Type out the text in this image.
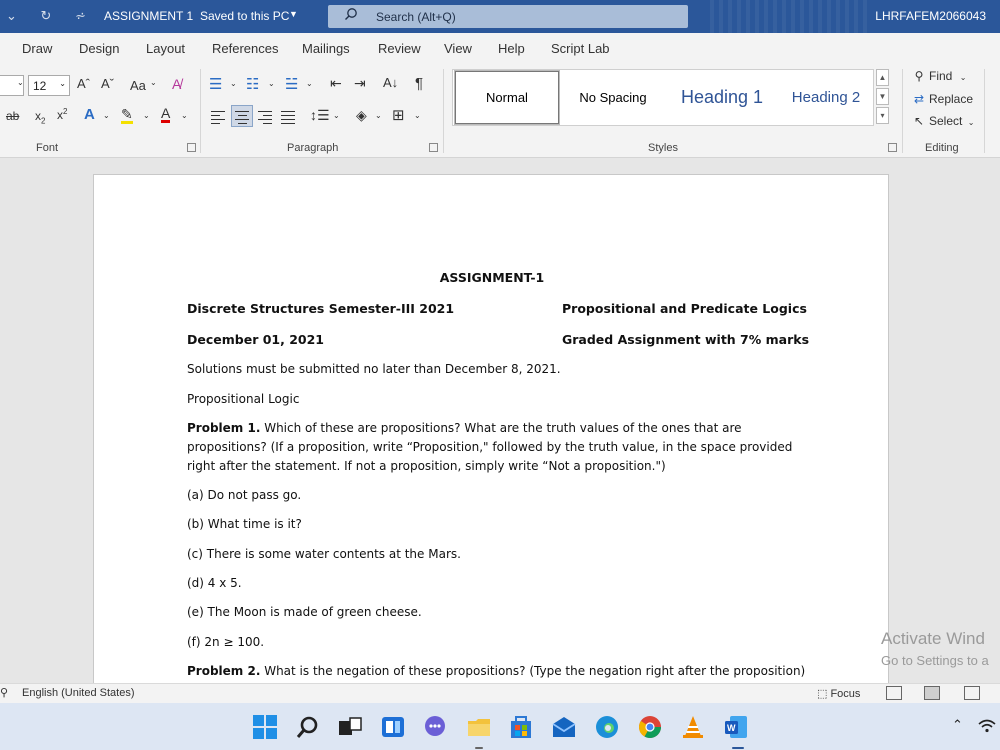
⌄ ↻ ⩫ ASSIGNMENT 1 Saved to this PC ▼	Search (Alt+Q)	LHRFAFEM2066043
Draw Design Layout References Mailings Review View Help Script Lab
⌄ 12 ⌄ Aˆ Aˇ Aa ⌄ A̸
ab $x_2$ $x^2$ A ⌄ ✎ ⌄ A ⌄
Font
☰ ⌄ ☷ ⌄ ☱ ⌄ ⇤ ⇥ A↓ ¶
↕☰ ⌄ ◈ ⌄ ⊞ ⌄
Paragraph	Styles	Editing
Normal	No Spacing	Heading 1	Heading 2
▲
▼
▾
⚲ Find ⌄
⇄ Replace
↖ Select ⌄
ASSIGNMENT-1
Discrete Structures Semester-III 2021	Propositional and Predicate Logics
December 01, 2021	Graded Assignment with 7% marks
Solutions must be submitted no later than December 8, 2021.
Propositional Logic
Problem 1. Which of these are propositions? What are the truth values of the ones that are
propositions? (If a proposition, write “Proposition," followed by the truth value, in the space provided
right after the statement. If not a proposition, simply write “Not a proposition.")
(a) Do not pass go.
(b) What time is it?
(c) There is some water contents at the Mars.
(d) 4 x 5.
(e) The Moon is made of green cheese.
(f) 2n ≥ 100.
Problem 2. What is the negation of these propositions? (Type the negation right after the proposition)
Activate Wind
Go to Settings to a
⚲ English (United States)	⬚ Focus
W	⌃
